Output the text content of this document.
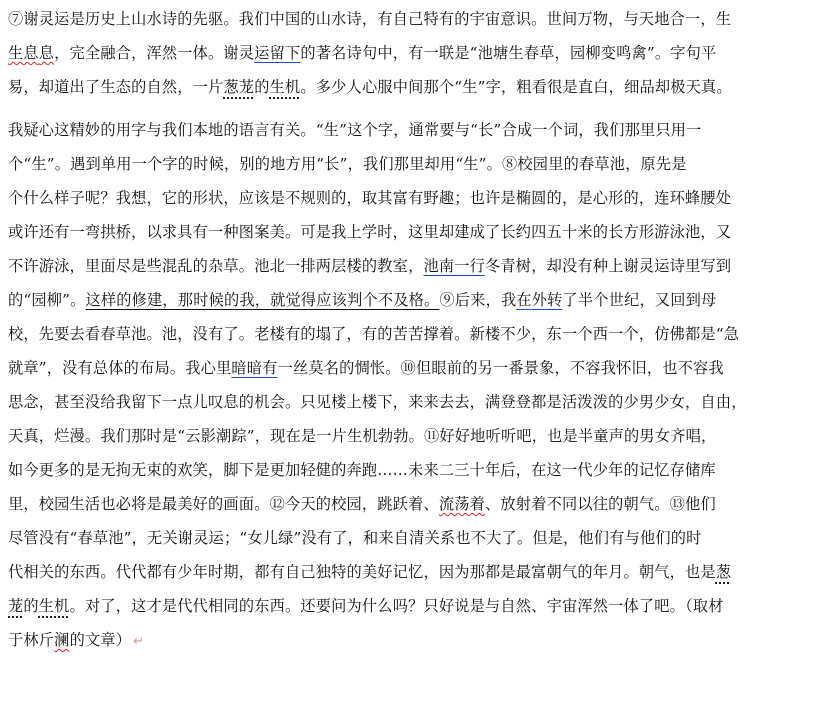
⑦谢灵运是历史上山水诗的先驱。我们中国的山水诗，有自己特有的宇宙意识。世间万物，与天地合一，生
生息息，完全融合，浑然一体。谢灵运留下的著名诗句中，有一联是“池塘生春草，园柳变鸣禽”。字句平
易，却道出了生态的自然，一片葱茏的生机。多少人心服中间那个“生”字，粗看很是直白，细品却极天真。
我疑心这精妙的用字与我们本地的语言有关。“生”这个字，通常要与“长”合成一个词，我们那里只用一
个“生”。遇到单用一个字的时候，别的地方用“长”，我们那里却用“生”。⑧校园里的春草池，原先是
个什么样子呢？我想，它的形状，应该是不规则的，取其富有野趣；也许是椭圆的，是心形的，连环蜂腰处
或许还有一弯拱桥，以求具有一种图案美。可是我上学时，这里却建成了长约四五十米的长方形游泳池，又
不许游泳，里面尽是些混乱的杂草。池北一排两层楼的教室，池南一行冬青树，却没有种上谢灵运诗里写到
的“园柳”。这样的修建，那时候的我，就觉得应该判个不及格。⑨后来，我在外转了半个世纪，又回到母
校，先要去看春草池。池，没有了。老楼有的塌了，有的苦苦撑着。新楼不少，东一个西一个，仿佛都是“急
就章”，没有总体的布局。我心里暗暗有一丝莫名的惆怅。⑩但眼前的另一番景象，不容我怀旧，也不容我
思念，甚至没给我留下一点儿叹息的机会。只见楼上楼下，来来去去，满登登都是活泼泼的少男少女，自由，
天真，烂漫。我们那时是“云影潮踪”，现在是一片生机勃勃。⑪好好地听听吧，也是半童声的男女齐唱，
如今更多的是无拘无束的欢笑，脚下是更加轻健的奔跑……未来二三十年后，在这一代少年的记忆存储库
里，校园生活也必将是最美好的画面。⑫今天的校园，跳跃着、流荡着、放射着不同以往的朝气。⑬他们
尽管没有“春草池”，无关谢灵运；“女儿绿”没有了，和来自清关系也不大了。但是，他们有与他们的时
代相关的东西。代代都有少年时期，都有自己独特的美好记忆，因为那都是最富朝气的年月。朝气，也是葱
茏的生机。对了，这才是代代相同的东西。还要问为什么吗？只好说是与自然、宇宙浑然一体了吧。（取材
于林斤澜的文章） ↵
